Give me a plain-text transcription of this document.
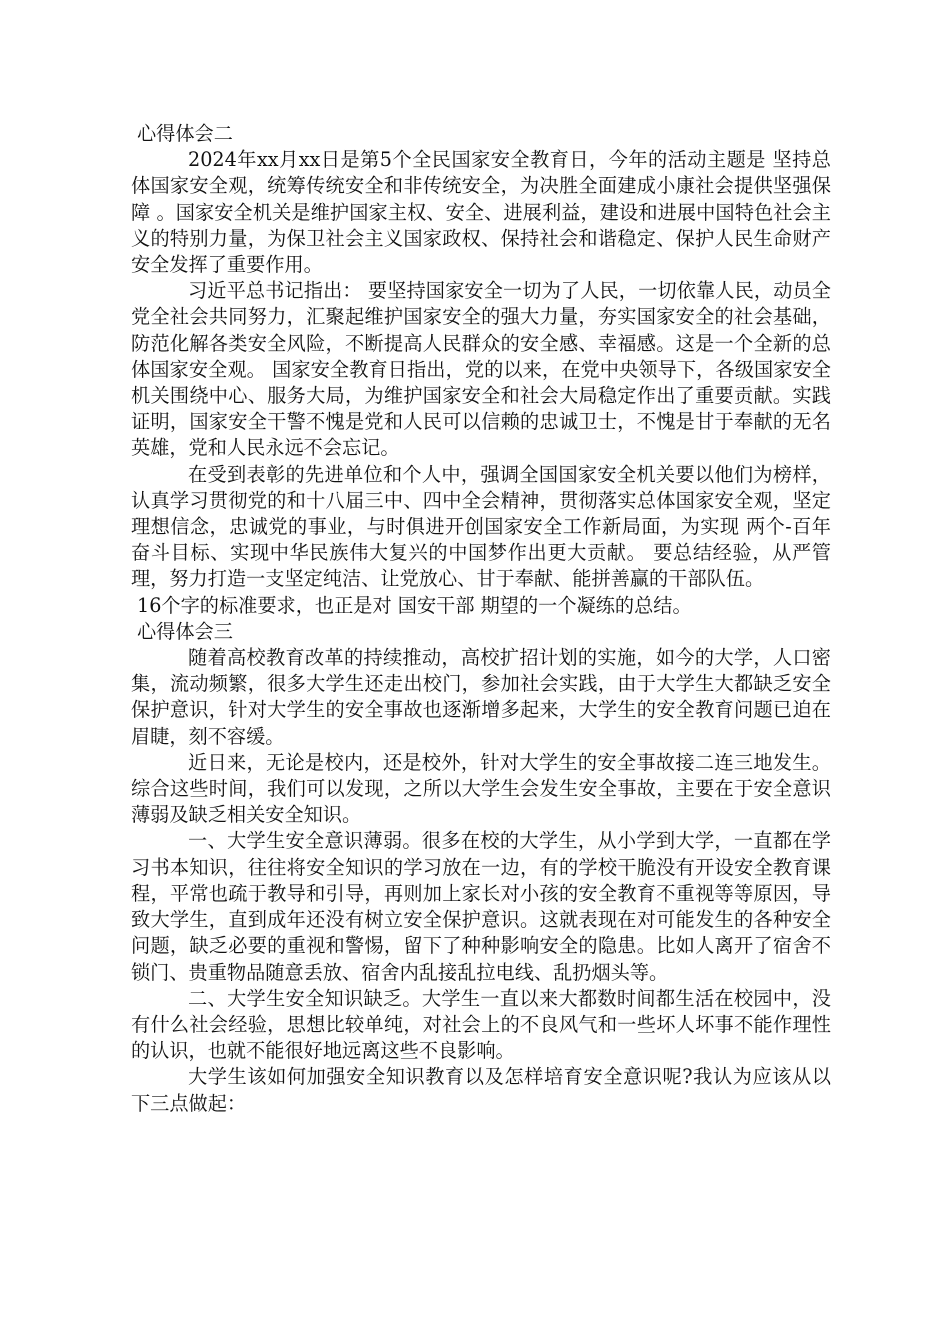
心得体会二

2024年xx月xx日是第5个全民国家安全教育日，今年的活动主题是 坚持总体国家安全观，统筹传统安全和非传统安全，为决胜全面建成小康社会提供坚强保障 。国家安全机关是维护国家主权、安全、进展利益，建设和进展中国特色社会主义的特别力量，为保卫社会主义国家政权、保持社会和谐稳定、保护人民生命财产安全发挥了重要作用。

习近平总书记指出： 要坚持国家安全一切为了人民，一切依靠人民，动员全党全社会共同努力，汇聚起维护国家安全的强大力量，夯实国家安全的社会基础，防范化解各类安全风险，不断提高人民群众的安全感、幸福感。这是一个全新的总体国家安全观。 国家安全教育日指出，党的以来，在党中央领导下，各级国家安全机关围绕中心、服务大局，为维护国家安全和社会大局稳定作出了重要贡献。实践证明，国家安全干警不愧是党和人民可以信赖的忠诚卫士，不愧是甘于奉献的无名英雄，党和人民永远不会忘记。

在受到表彰的先进单位和个人中，强调全国国家安全机关要以他们为榜样，认真学习贯彻党的和十八届三中、四中全会精神，贯彻落实总体国家安全观，坚定理想信念，忠诚党的事业，与时俱进开创国家安全工作新局面，为实现 两个-百年 奋斗目标、实现中华民族伟大复兴的中国梦作出更大贡献。 要总结经验，从严管理，努力打造一支坚定纯洁、让党放心、甘于奉献、能拼善赢的干部队伍。

16个字的标准要求，也正是对 国安干部 期望的一个凝练的总结。

心得体会三

随着高校教育改革的持续推动，高校扩招计划的实施，如今的大学，人口密集，流动频繁，很多大学生还走出校门，参加社会实践，由于大学生大都缺乏安全保护意识，针对大学生的安全事故也逐渐增多起来，大学生的安全教育问题已迫在眉睫，刻不容缓。

近日来，无论是校内，还是校外，针对大学生的安全事故接二连三地发生。综合这些时间，我们可以发现，之所以大学生会发生安全事故，主要在于安全意识薄弱及缺乏相关安全知识。

一、大学生安全意识薄弱。很多在校的大学生，从小学到大学，一直都在学习书本知识，往往将安全知识的学习放在一边，有的学校干脆没有开设安全教育课程，平常也疏于教导和引导，再则加上家长对小孩的安全教育不重视等等原因，导致大学生，直到成年还没有树立安全保护意识。这就表现在对可能发生的各种安全问题，缺乏必要的重视和警惕，留下了种种影响安全的隐患。比如人离开了宿舍不锁门、贵重物品随意丢放、宿舍内乱接乱拉电线、乱扔烟头等。

二、大学生安全知识缺乏。大学生一直以来大都数时间都生活在校园中，没有什么社会经验，思想比较单纯，对社会上的不良风气和一些坏人坏事不能作理性的认识，也就不能很好地远离这些不良影响。

大学生该如何加强安全知识教育以及怎样培育安全意识呢?我认为应该从以下三点做起：
